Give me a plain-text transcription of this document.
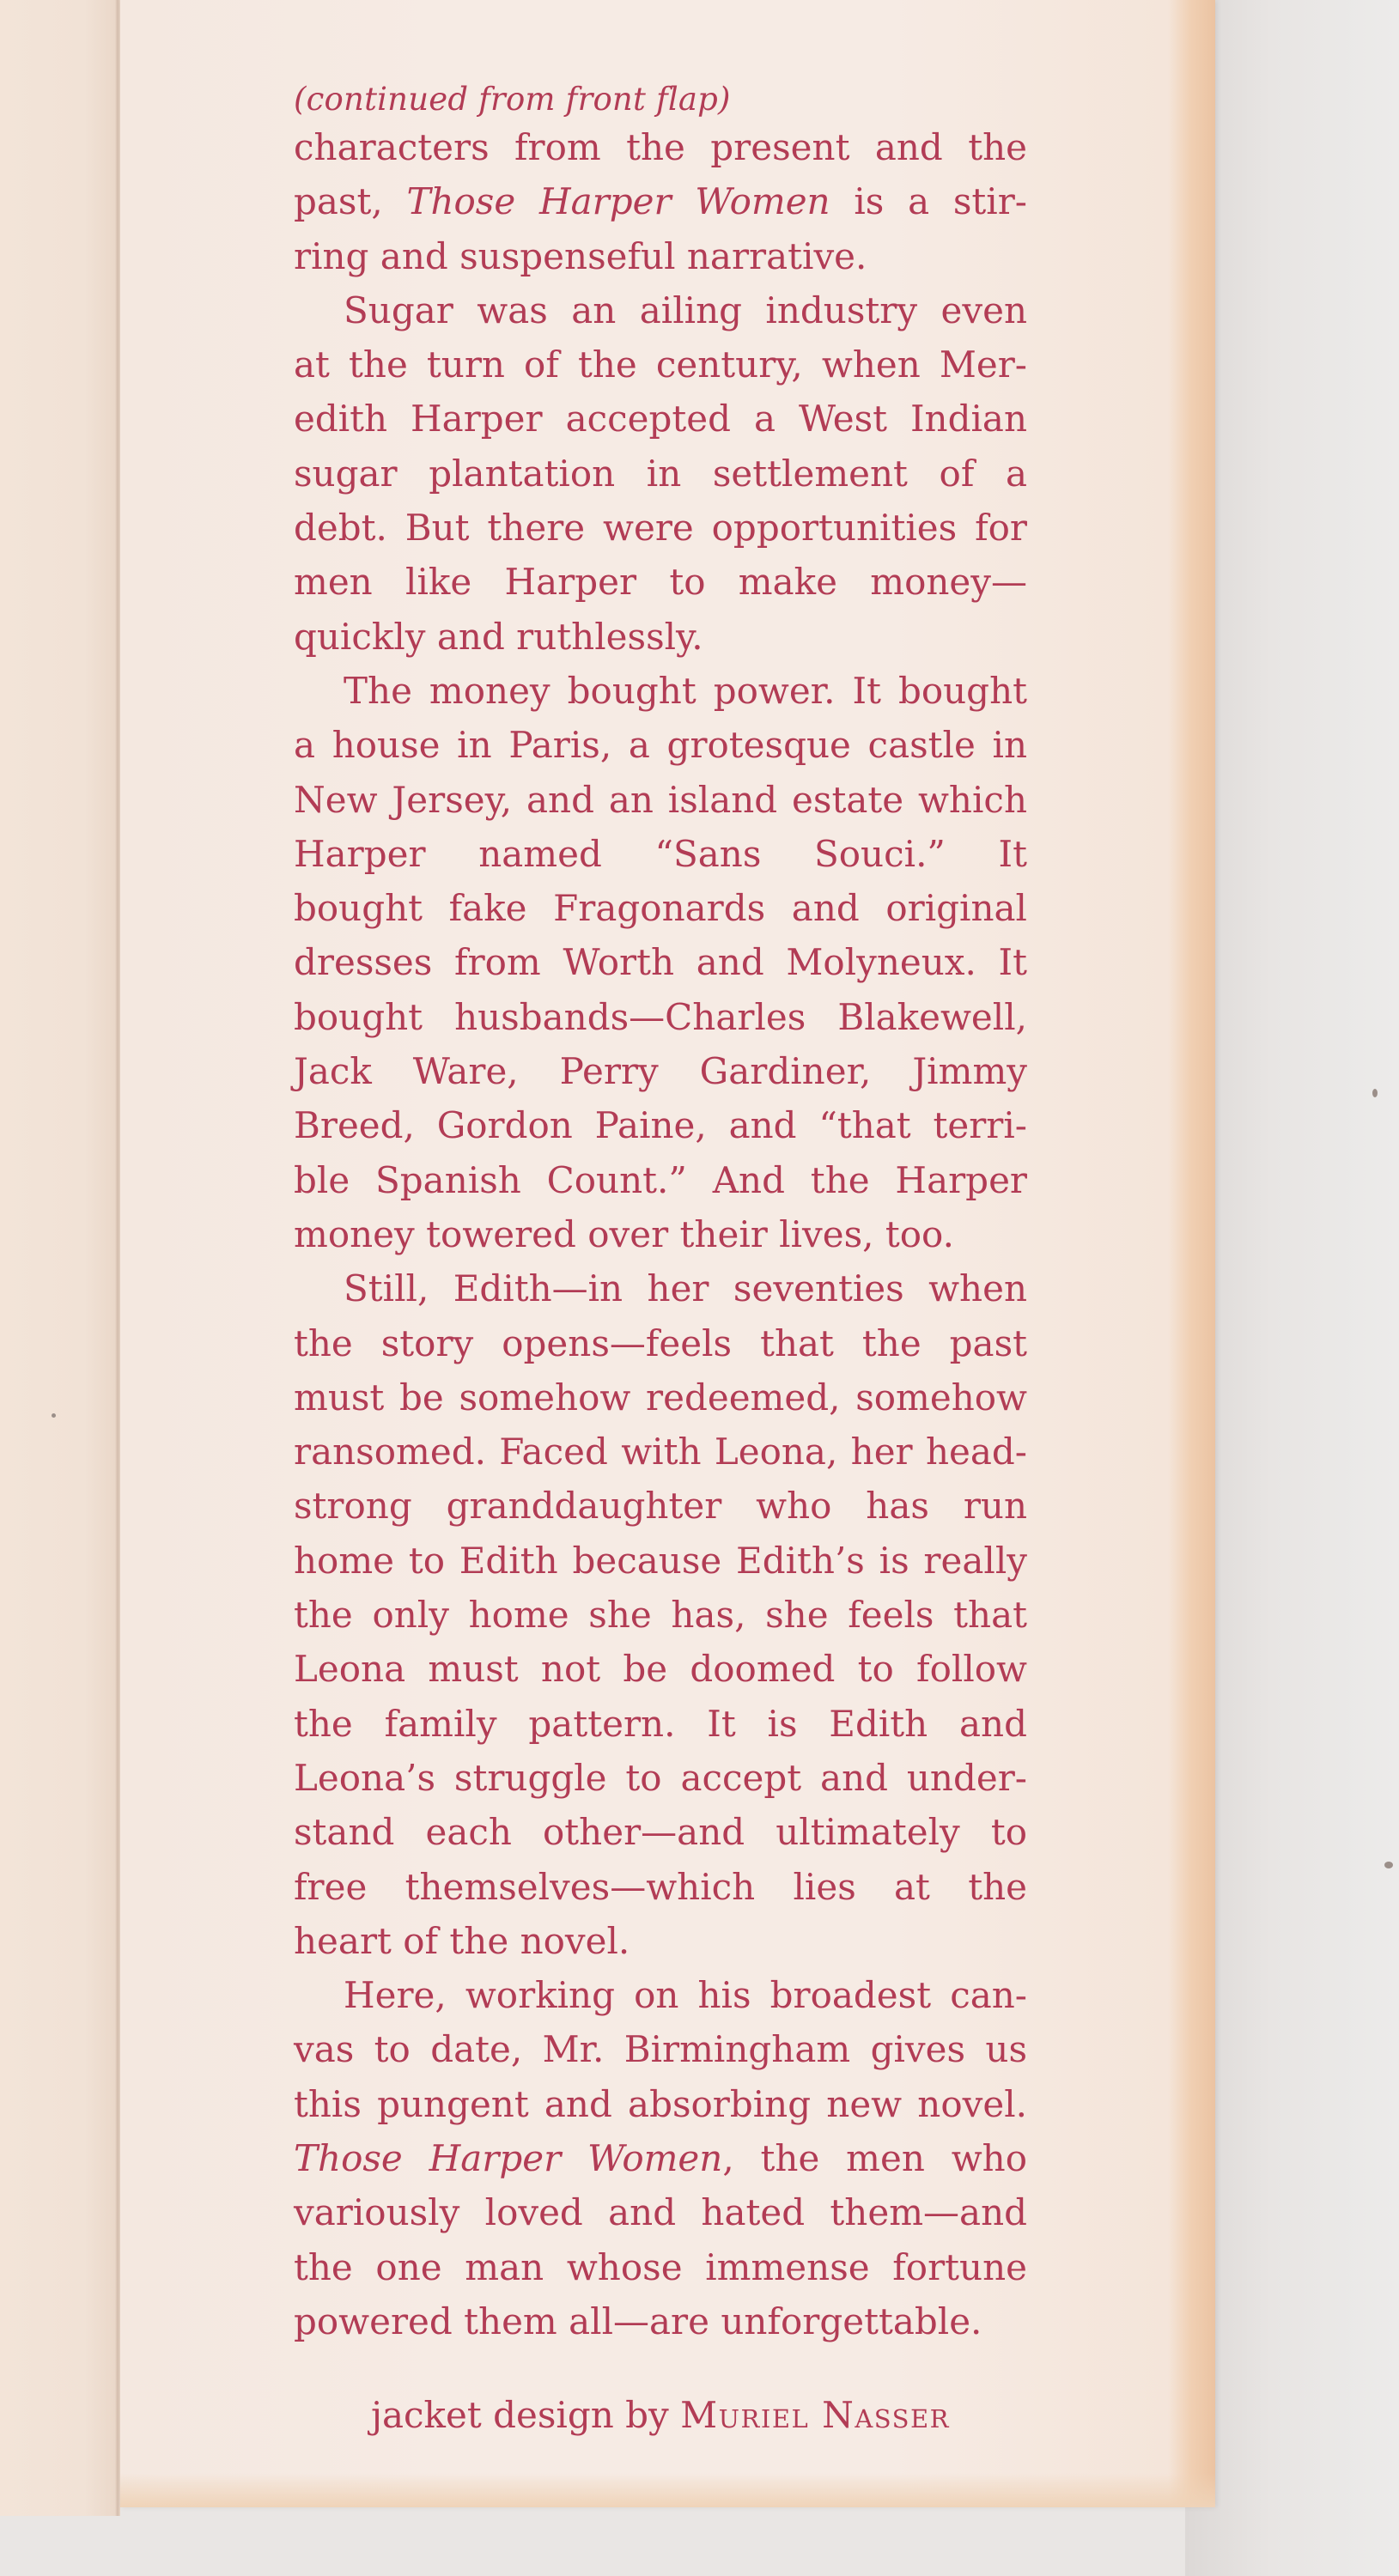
(continued from front flap)

characters from the present and the
past, Those Harper Women is a stir-
ring and suspenseful narrative.

Sugar was an ailing industry even
at the turn of the century, when Mer-
edith Harper accepted a West Indian
sugar plantation in settlement of a
debt. But there were opportunities for
men like Harper to make money—
quickly and ruthlessly.

The money bought power. It bought
a house in Paris, a grotesque castle in
New Jersey, and an island estate which
Harper named “Sans Souci.” It
bought fake Fragonards and original
dresses from Worth and Molyneux. It
bought husbands—Charles Blakewell,
Jack Ware, Perry Gardiner, Jimmy
Breed, Gordon Paine, and “that terri-
ble Spanish Count.” And the Harper
money towered over their lives, too.

Still, Edith—in her seventies when
the story opens—feels that the past
must be somehow redeemed, somehow
ransomed. Faced with Leona, her head-
strong granddaughter who has run
home to Edith because Edith’s is really
the only home she has, she feels that
Leona must not be doomed to follow
the family pattern. It is Edith and
Leona’s struggle to accept and under-
stand each other—and ultimately to
free themselves—which lies at the
heart of the novel.

Here, working on his broadest can-
vas to date, Mr. Birmingham gives us
this pungent and absorbing new novel.
Those Harper Women, the men who
variously loved and hated them—and
the one man whose immense fortune
powered them all—are unforgettable.

jacket design by Muriel Nasser
